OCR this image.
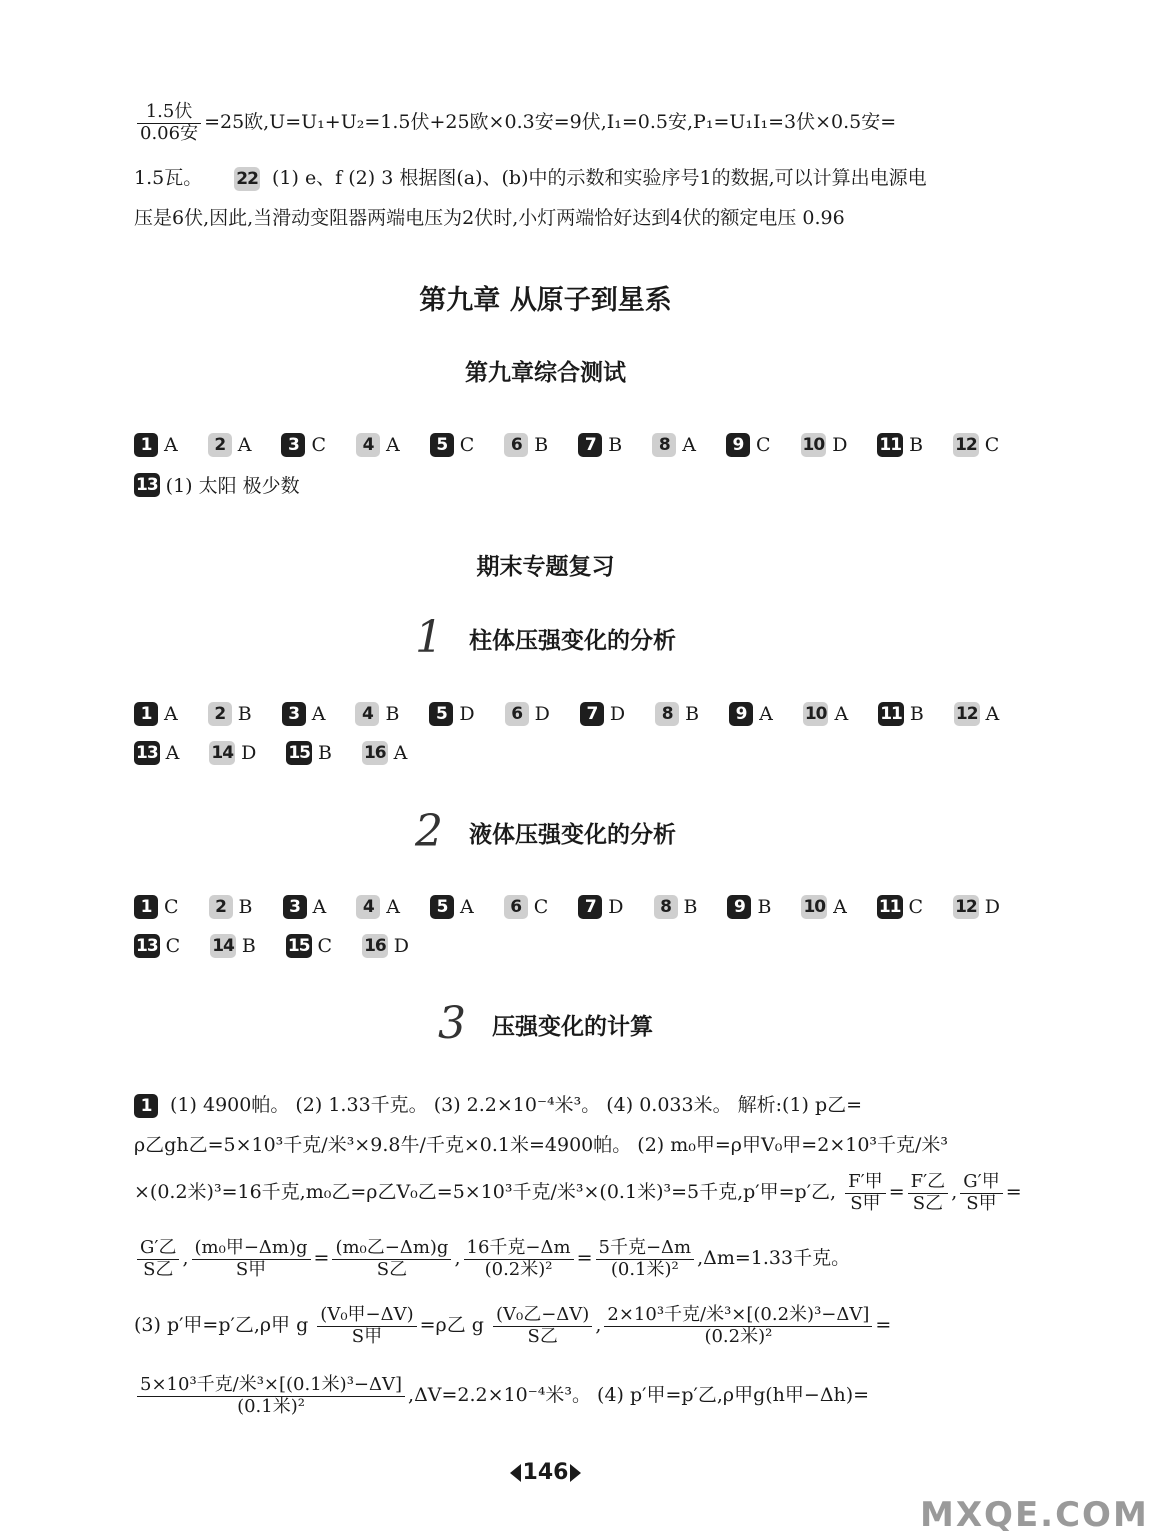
$\frac{\text{1.5伏}}{\text{0.06安}} =25$欧,U=U₁+U₂=1.5伏+25欧×0.3安=9伏,I₁=0.5安,P₁=U₁I₁=3伏×0.5安=
1.5瓦。 22 (1) e、f (2) 3 根据图(a)、(b)中的示数和实验序号1的数据,可以计算出电源电
压是6伏,因此,当滑动变阻器两端电压为2伏时,小灯两端恰好达到4伏的额定电压 0.96
第九章 从原子到星系
第九章综合测试
1 A	2 A	3 C	4 A	5 C	6 B	7 B	8 A	9 C 10 D 11 B 12 C
13 (1) 太阳 极少数
期末专题复习
1 柱体压强变化的分析
1 A	2 B	3 A	4 B	5 D	6 D	7 D	8 B	9 A 10 A 11 B 12 A
13 A 14 D 15 B 16 A
2 液体压强变化的分析
1 C	2 B	3 A	4 A	5 A	6 C	7 D	8 B	9 B 10 A 11 C 12 D
13 C 14 B 15 C 16 D
3 压强变化的计算
1 (1) 4900帕。 (2) 1.33千克。 (3) 2.2×10⁻⁴米³。 (4) 0.033米。 解析:(1) p乙=
ρ乙gh乙=5×10³千克/米³×9.8牛/千克×0.1米=4900帕。 (2) m₀甲=ρ甲V₀甲=2×10³千克/米³
×(0.2米)³=16千克,m₀乙=ρ乙V₀乙=5×10³千克/米³×(0.1米)³=5千克,p′甲=p′乙, $\frac{\text{F′甲}}{\text{S甲}} = \frac{\text{F′乙}}{\text{S乙}}$ , $\frac{\text{G′甲}}{\text{S甲}}$ =
$\frac{\text{G′乙}}{\text{S乙}}$ , $\frac{\text{(m₀甲−Δm)g}}{\text{S甲}} = \frac{\text{(m₀乙−Δm)g}}{\text{S乙}}$ , $\frac{\text{16千克−Δm}}{\text{(0.2米)²}} = \frac{\text{5千克−Δm}}{\text{(0.1米)²}} ,\Delta m=1.33$千克。
(3) p′甲=p′乙,ρ甲 g $\frac{\text{(V₀甲−ΔV)}}{\text{S甲}} =\rho$乙 g $\frac{\text{(V₀乙−ΔV)}}{\text{S乙}}$ , $\frac{\text{2×10³千克/米³×[(0.2米)³−ΔV]}}{\text{(0.2米)²}}$ =
$\frac{\text{5×10³千克/米³×[(0.1米)³−ΔV]}}{\text{(0.1米)²}} ,\Delta V=2.2\times 10^{-4}$米³。 (4) p′甲=p′乙,ρ甲g(h甲−Δh)=
146
MXQE.COM
